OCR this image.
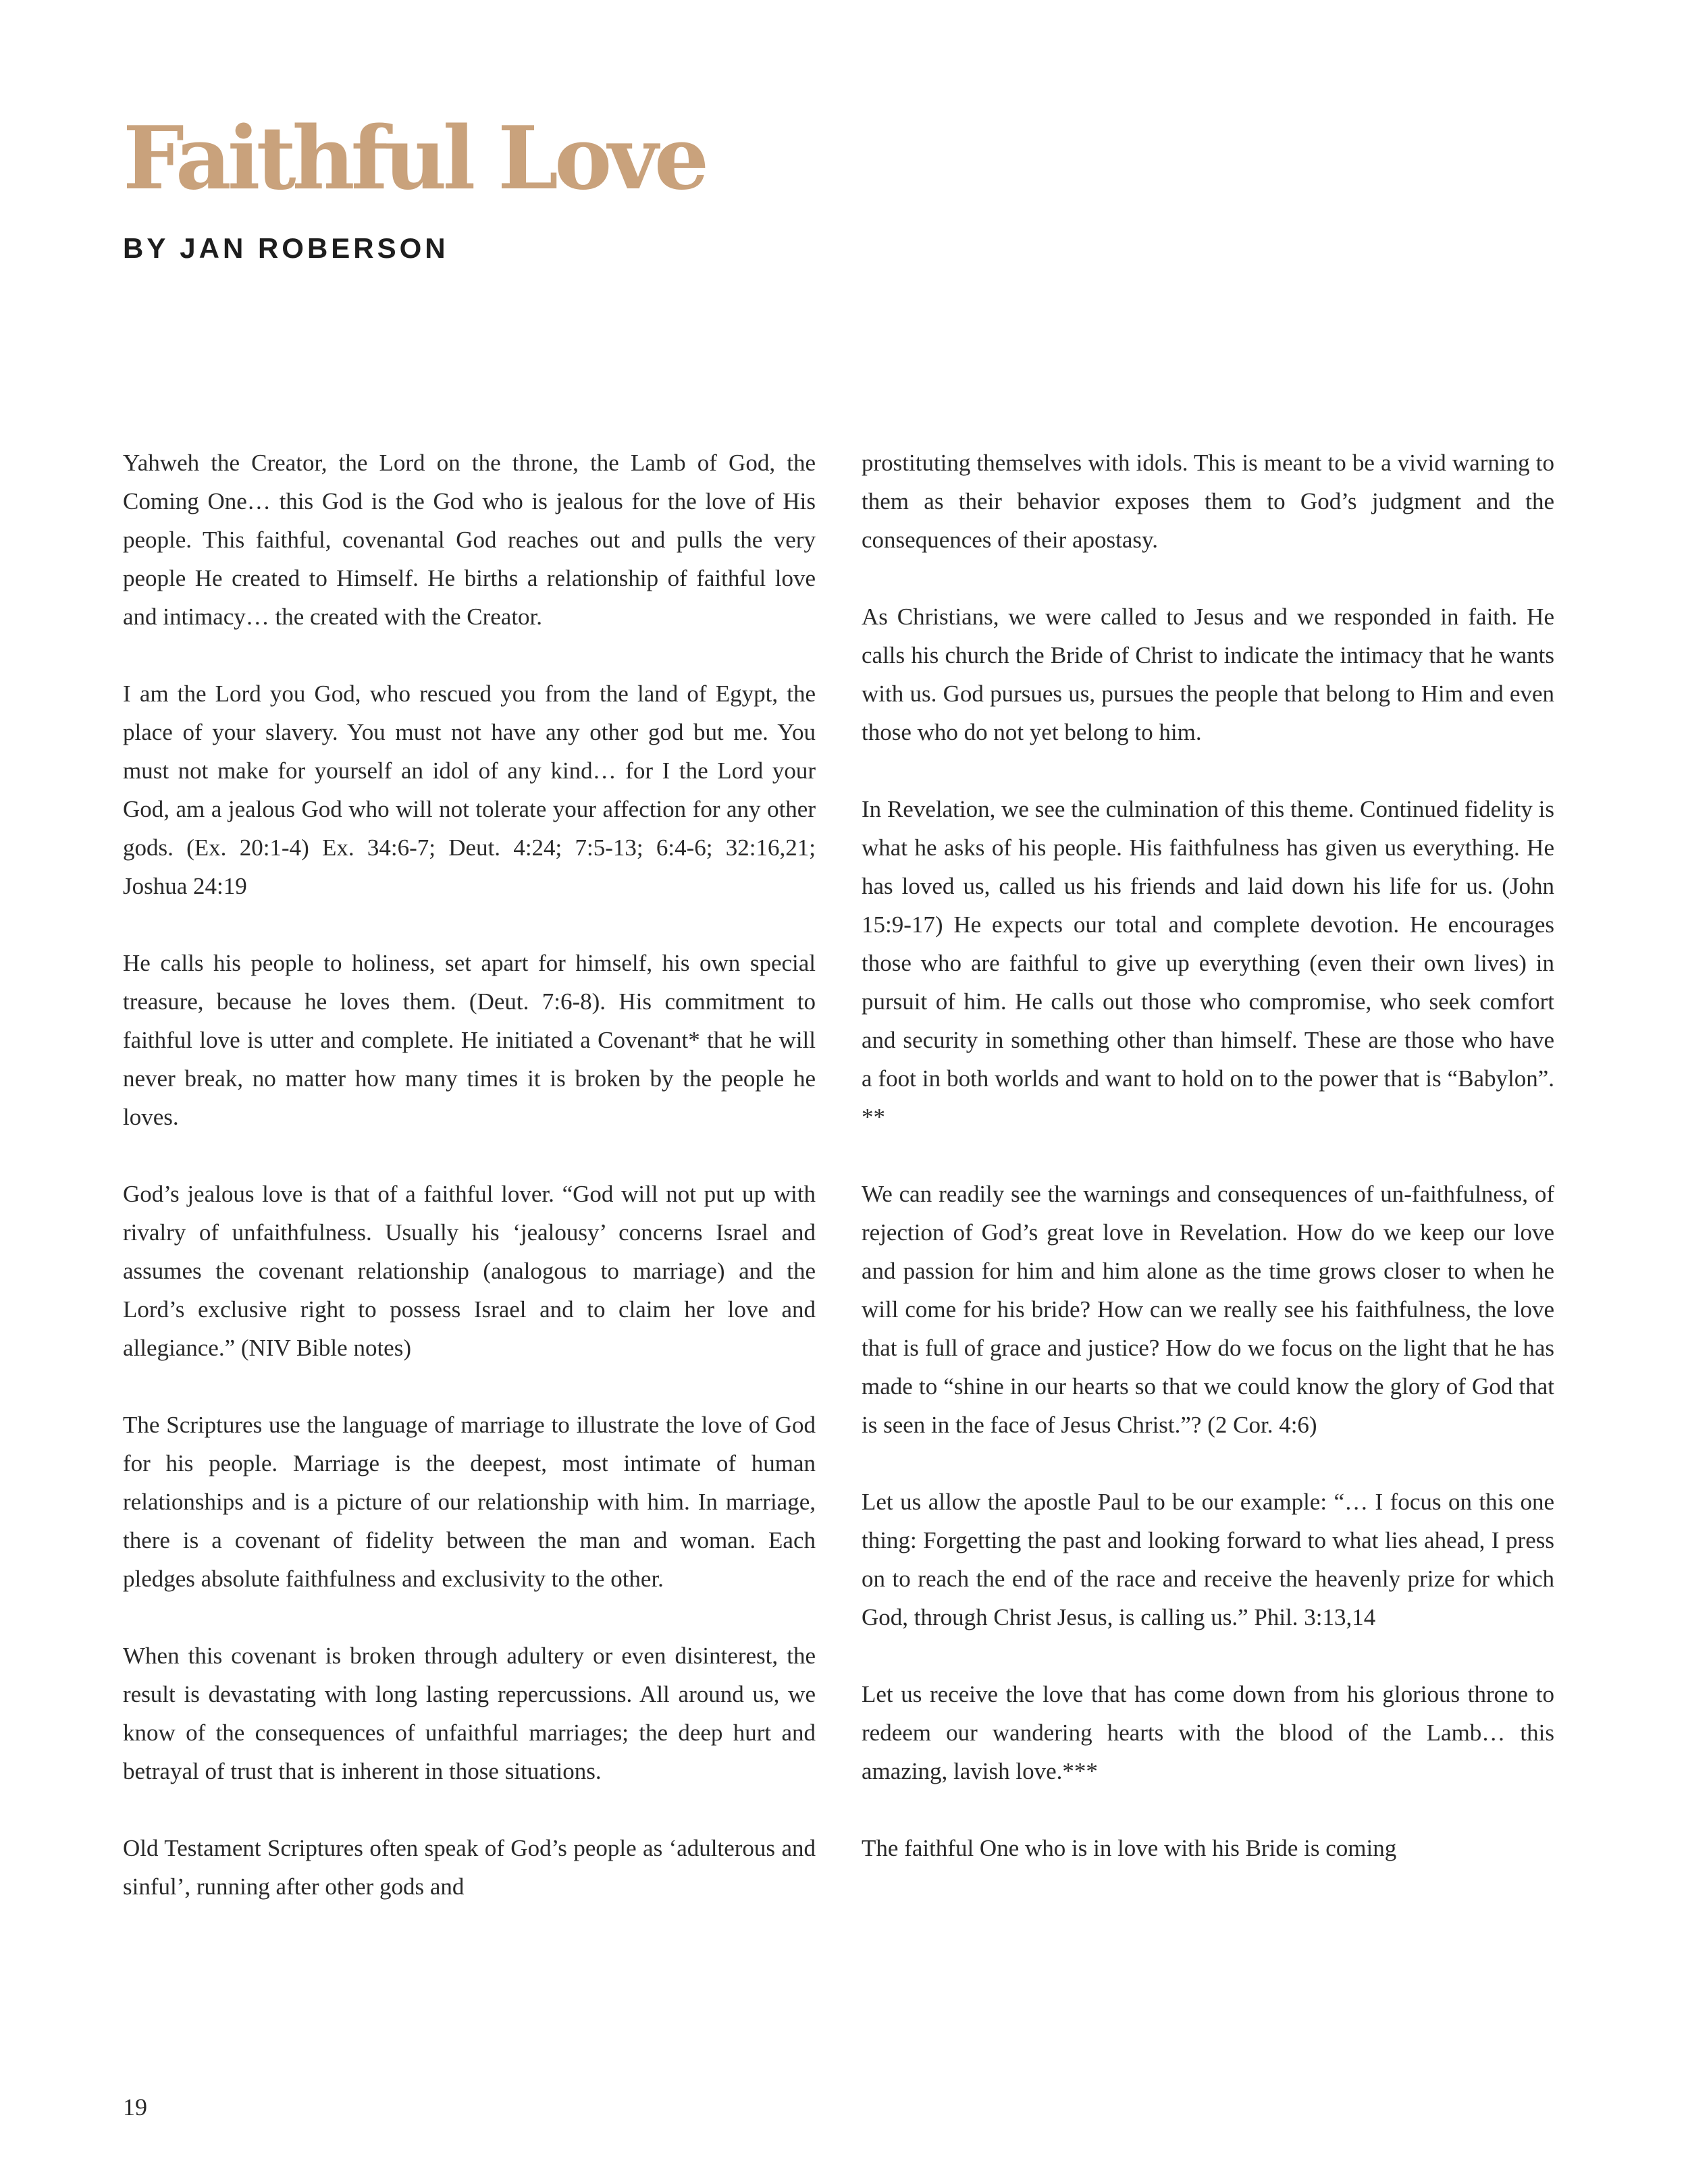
Faithful Love
BY JAN ROBERSON

Yahweh the Creator, the Lord on the throne, the Lamb of God, the Coming One… this God is the God who is jealous for the love of His people. This faithful, covenantal God reaches out and pulls the very people He created to Himself. He births a relationship of faithful love and intimacy… the created with the Creator.

I am the Lord you God, who rescued you from the land of Egypt, the place of your slavery. You must not have any other god but me. You must not make for yourself an idol of any kind… for I the Lord your God, am a jealous God who will not tolerate your affection for any other gods. (Ex. 20:1-4) Ex. 34:6-7; Deut. 4:24; 7:5-13; 6:4-6; 32:16,21; Joshua 24:19

He calls his people to holiness, set apart for himself, his own special treasure, because he loves them. (Deut. 7:6-8). His commitment to faithful love is utter and complete. He initiated a Covenant* that he will never break, no matter how many times it is broken by the people he loves.

God’s jealous love is that of a faithful lover. “God will not put up with rivalry of unfaithfulness. Usually his ‘jealousy’ concerns Israel and assumes the covenant relationship (analogous to marriage) and the Lord’s exclusive right to possess Israel and to claim her love and allegiance.” (NIV Bible notes)

The Scriptures use the language of marriage to illustrate the love of God for his people. Marriage is the deepest, most intimate of human relationships and is a picture of our relationship with him. In marriage, there is a covenant of fidelity between the man and woman. Each pledges absolute faithfulness and exclusivity to the other.

When this covenant is broken through adultery or even disinterest, the result is devastating with long lasting repercussions. All around us, we know of the consequences of unfaithful marriages; the deep hurt and betrayal of trust that is inherent in those situations.

Old Testament Scriptures often speak of God’s people as ‘adulterous and sinful’, running after other gods and

prostituting themselves with idols. This is meant to be a vivid warning to them as their behavior exposes them to God’s judgment and the consequences of their apostasy.

As Christians, we were called to Jesus and we responded in faith. He calls his church the Bride of Christ to indicate the intimacy that he wants with us. God pursues us, pursues the people that belong to Him and even those who do not yet belong to him.

In Revelation, we see the culmination of this theme. Continued fidelity is what he asks of his people. His faithfulness has given us everything. He has loved us, called us his friends and laid down his life for us. (John 15:9-17) He expects our total and complete devotion. He encourages those who are faithful to give up everything (even their own lives) in pursuit of him. He calls out those who compromise, who seek comfort and security in something other than himself. These are those who have a foot in both worlds and want to hold on to the power that is “Babylon”. **

We can readily see the warnings and consequences of un-faithfulness, of rejection of God’s great love in Revelation. How do we keep our love and passion for him and him alone as the time grows closer to when he will come for his bride? How can we really see his faithfulness, the love that is full of grace and justice? How do we focus on the light that he has made to “shine in our hearts so that we could know the glory of God that is seen in the face of Jesus Christ.”? (2 Cor. 4:6)

Let us allow the apostle Paul to be our example: “… I focus on this one thing: Forgetting the past and looking forward to what lies ahead, I press on to reach the end of the race and receive the heavenly prize for which God, through Christ Jesus, is calling us.” Phil. 3:13,14

Let us receive the love that has come down from his glorious throne to redeem our wandering hearts with the blood of the Lamb… this amazing, lavish love.***

The faithful One who is in love with his Bride is coming

19
